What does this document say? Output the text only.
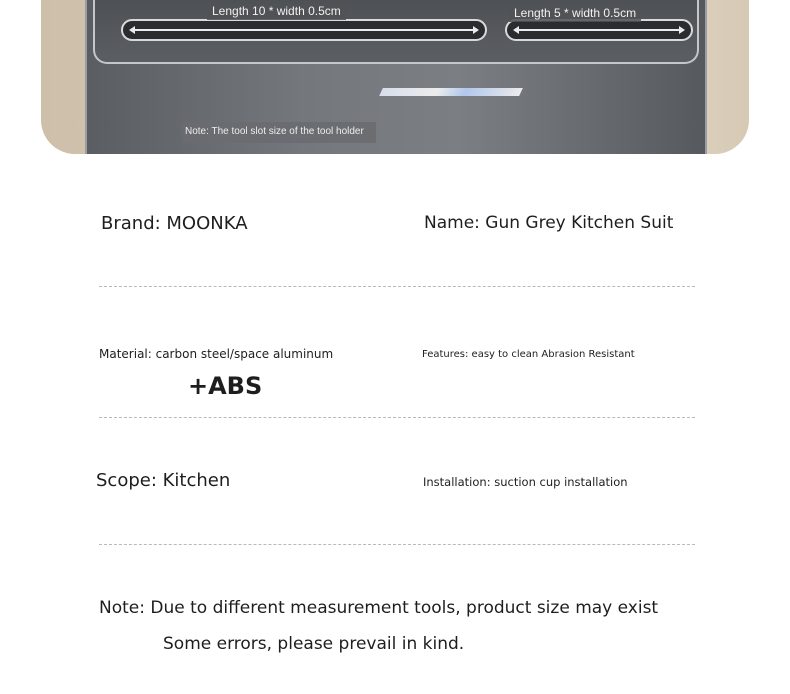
Length 10 * width 0.5cm	Length 5 * width 0.5cm
Note: The tool slot size of the tool holder
Brand: MOONKA	Name: Gun Grey Kitchen Suit
Material: carbon steel/space aluminum
+ABS
Features: easy to clean Abrasion Resistant
Scope: Kitchen	Installation: suction cup installation
Note: Due to different measurement tools, product size may exist
Some errors, please prevail in kind.
